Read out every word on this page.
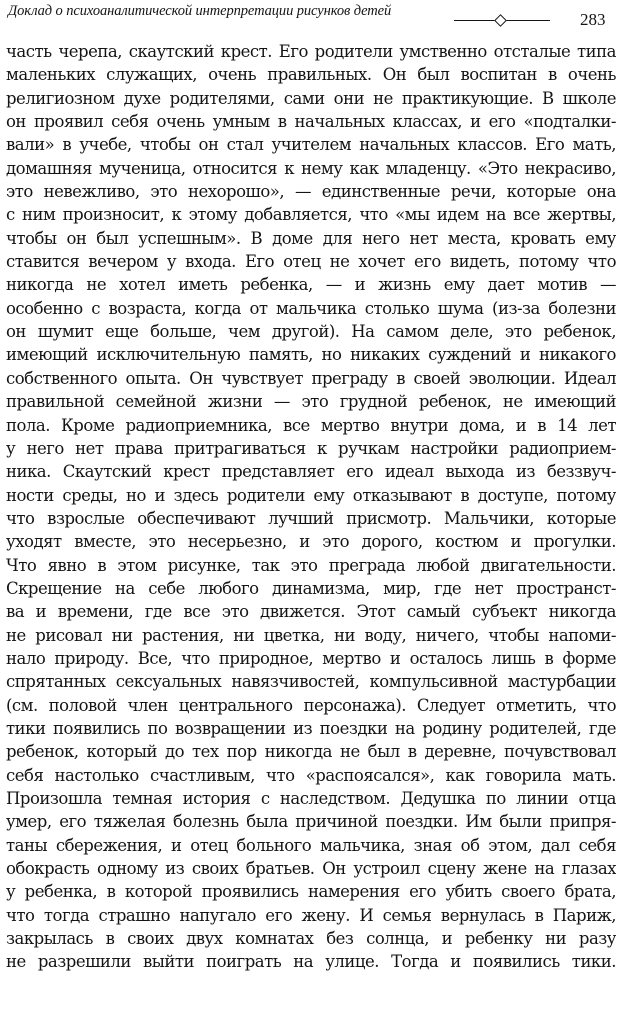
Доклад о психоаналитической интерпретации рисунков детей	283
часть черепа, скаутский крест. Его родители умственно отсталые типа
маленьких служащих, очень правильных. Он был воспитан в очень
религиозном духе родителями, сами они не практикующие. В школе
он проявил себя очень умным в начальных классах, и его «подталки-
вали» в учебе, чтобы он стал учителем начальных классов. Его мать,
домашняя мученица, относится к нему как младенцу. «Это некрасиво,
это невежливо, это нехорошо», — единственные речи, которые она
с ним произносит, к этому добавляется, что «мы идем на все жертвы,
чтобы он был успешным». В доме для него нет места, кровать ему
ставится вечером у входа. Его отец не хочет его видеть, потому что
никогда не хотел иметь ребенка, — и жизнь ему дает мотив —
особенно с возраста, когда от мальчика столько шума (из-за болезни
он шумит еще больше, чем другой). На самом деле, это ребенок,
имеющий исключительную память, но никаких суждений и никакого
собственного опыта. Он чувствует преграду в своей эволюции. Идеал
правильной семейной жизни — это грудной ребенок, не имеющий
пола. Кроме радиоприемника, все мертво внутри дома, и в 14 лет
у него нет права притрагиваться к ручкам настройки радиоприем-
ника. Скаутский крест представляет его идеал выхода из беззвуч-
ности среды, но и здесь родители ему отказывают в доступе, потому
что взрослые обеспечивают лучший присмотр. Мальчики, которые
уходят вместе, это несерьезно, и это дорого, костюм и прогулки.
Что явно в этом рисунке, так это преграда любой двигательности.
Скрещение на себе любого динамизма, мир, где нет пространст-
ва и времени, где все это движется. Этот самый субъект никогда
не рисовал ни растения, ни цветка, ни воду, ничего, чтобы напоми-
нало природу. Все, что природное, мертво и осталось лишь в форме
спрятанных сексуальных навязчивостей, компульсивной мастурбации
(см. половой член центрального персонажа). Следует отметить, что
тики появились по возвращении из поездки на родину родителей, где
ребенок, который до тех пор никогда не был в деревне, почувствовал
себя настолько счастливым, что «распоясался», как говорила мать.
Произошла темная история с наследством. Дедушка по линии отца
умер, его тяжелая болезнь была причиной поездки. Им были припря-
таны сбережения, и отец больного мальчика, зная об этом, дал себя
обокрасть одному из своих братьев. Он устроил сцену жене на глазах
у ребенка, в которой проявились намерения его убить своего брата,
что тогда страшно напугало его жену. И семья вернулась в Париж,
закрылась в своих двух комнатах без солнца, и ребенку ни разу
не разрешили выйти поиграть на улице. Тогда и появились тики.
